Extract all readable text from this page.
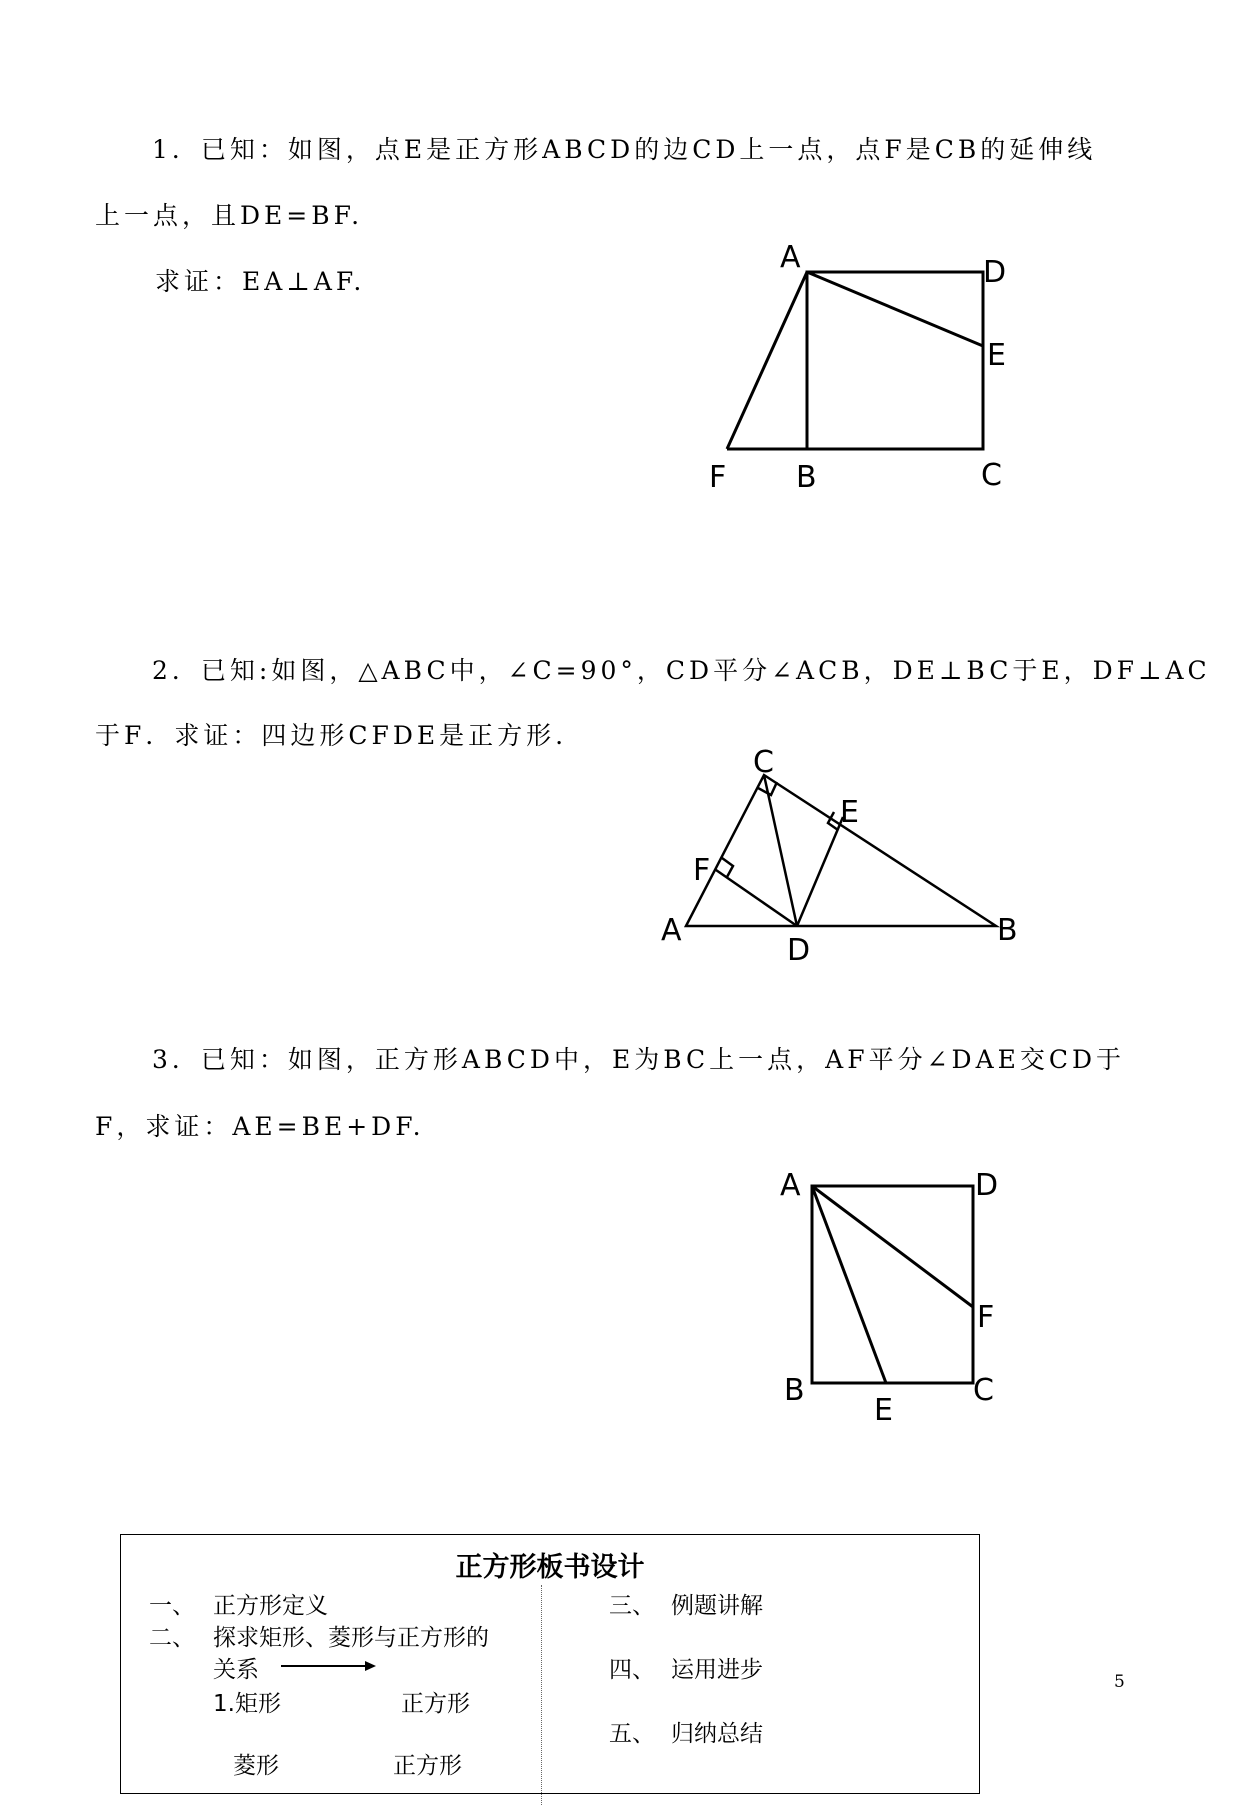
1．已知：如图，点E是正方形ABCD的边CD上一点，点F是CB的延伸线
上一点，且DE=BF.
求证：EA⊥AF.
A	D
E
F B	C
2．已知:如图，△ABC中，∠C=90°，CD平分∠ACB，DE⊥BC于E，DF⊥AC
于F．求证：四边形CFDE是正方形.
C
E
F
A
D
B
3．已知：如图，正方形ABCD中，E为BC上一点，AF平分∠DAE交CD于
F，求证：AE=BE+DF.
A	D
F
B	C
E
正方形板书设计
一、 正方形定义
二、 探求矩形、菱形与正方形的
关系
1.矩形	正方形
菱形	正方形
三、 例题讲解
四、 运用进步
五、 归纳总结
5
